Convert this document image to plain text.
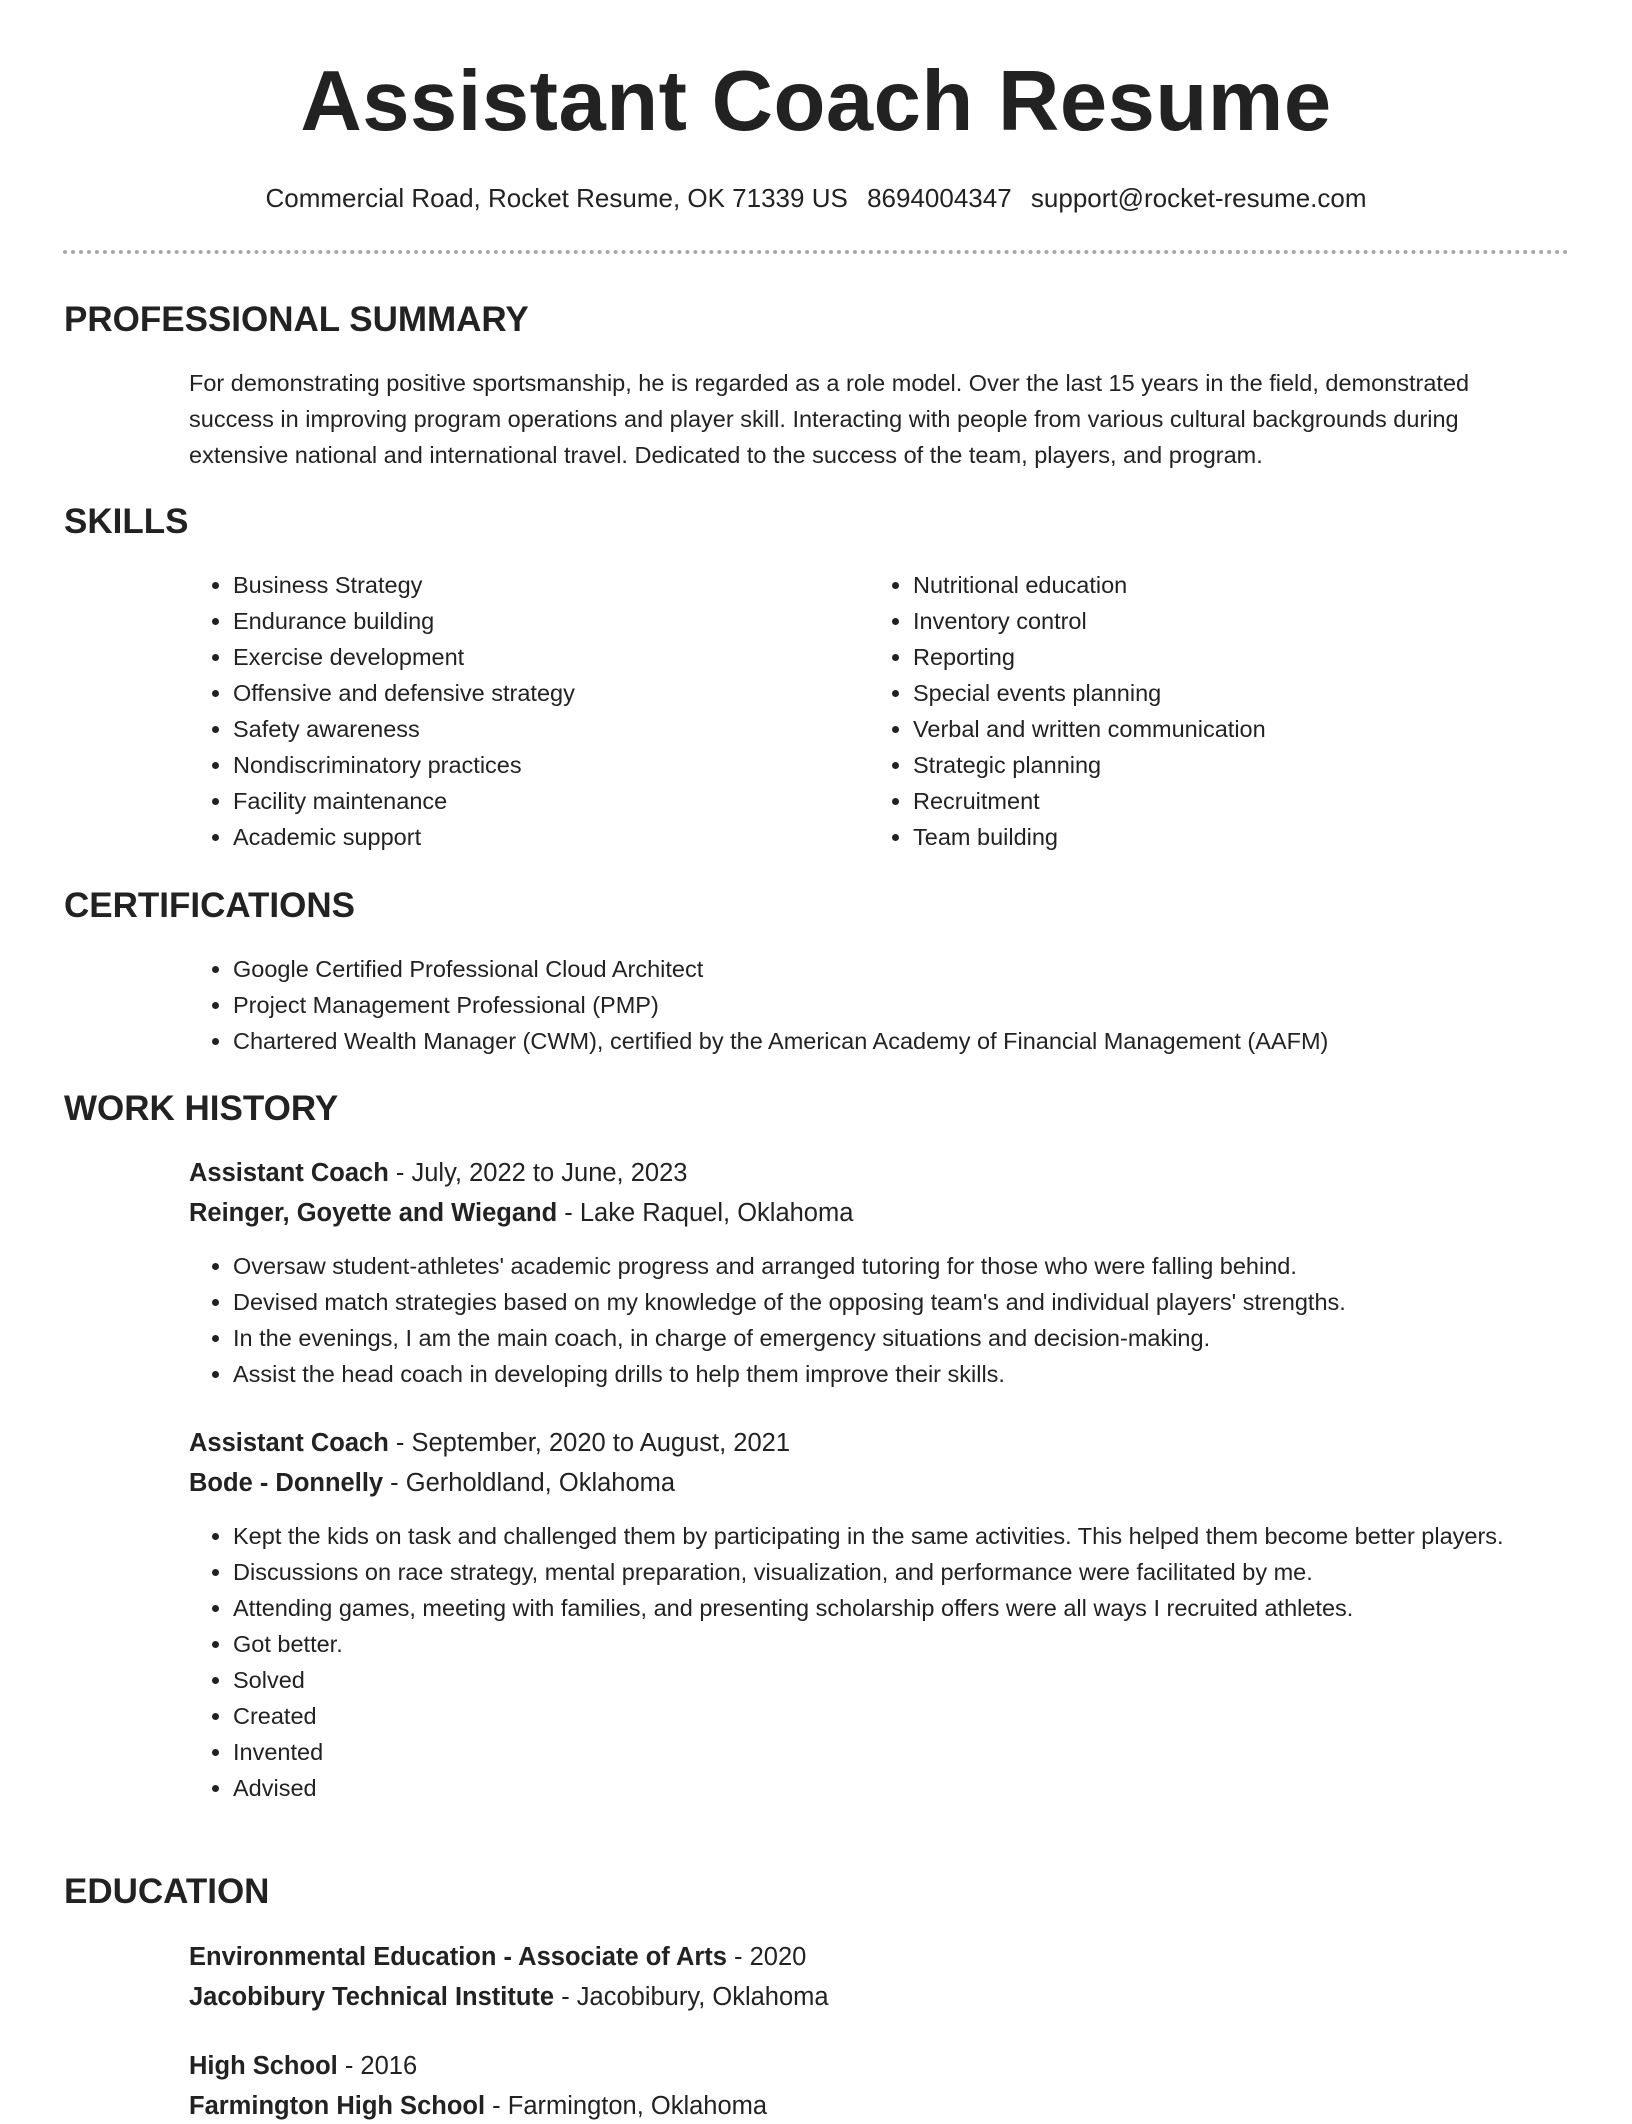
Assistant Coach Resume
Commercial Road, Rocket Resume, OK 71339 US 8694004347 support@rocket-resume.com
PROFESSIONAL SUMMARY

For demonstrating positive sportsmanship, he is regarded as a role model. Over the last 15 years in the field, demonstrated success in improving program operations and player skill. Interacting with people from various cultural backgrounds during extensive national and international travel. Dedicated to the success of the team, players, and program.

SKILLS
• Business Strategy
• Endurance building
• Exercise development
• Offensive and defensive strategy
• Safety awareness
• Nondiscriminatory practices
• Facility maintenance
• Academic support
• Nutritional education
• Inventory control
• Reporting
• Special events planning
• Verbal and written communication
• Strategic planning
• Recruitment
• Team building
CERTIFICATIONS
• Google Certified Professional Cloud Architect
• Project Management Professional (PMP)
• Chartered Wealth Manager (CWM), certified by the American Academy of Financial Management (AAFM)
WORK HISTORY
Assistant Coach - July, 2022 to June, 2023
Reinger, Goyette and Wiegand - Lake Raquel, Oklahoma
• Oversaw student-athletes' academic progress and arranged tutoring for those who were falling behind.
• Devised match strategies based on my knowledge of the opposing team's and individual players' strengths.
• In the evenings, I am the main coach, in charge of emergency situations and decision-making.
• Assist the head coach in developing drills to help them improve their skills.
Assistant Coach - September, 2020 to August, 2021
Bode - Donnelly - Gerholdland, Oklahoma
• Kept the kids on task and challenged them by participating in the same activities. This helped them become better players.
• Discussions on race strategy, mental preparation, visualization, and performance were facilitated by me.
• Attending games, meeting with families, and presenting scholarship offers were all ways I recruited athletes.
• Got better.
• Solved
• Created
• Invented
• Advised
EDUCATION
Environmental Education - Associate of Arts - 2020
Jacobibury Technical Institute - Jacobibury, Oklahoma
High School - 2016
Farmington High School - Farmington, Oklahoma
